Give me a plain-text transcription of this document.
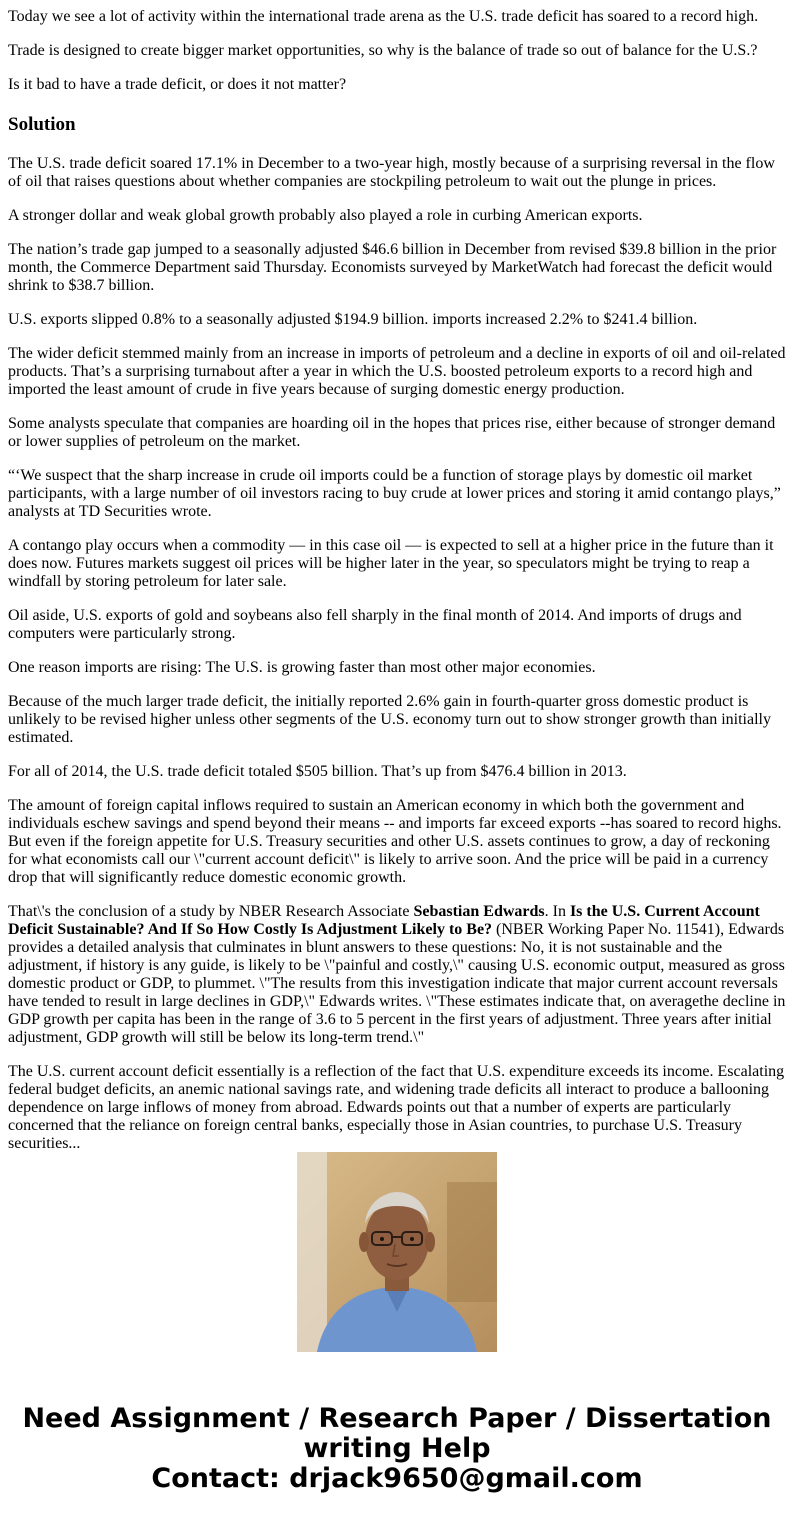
Today we see a lot of activity within the international trade arena as the U.S. trade deficit has soared to a record high.

Trade is designed to create bigger market opportunities, so why is the balance of trade so out of balance for the U.S.?

Is it bad to have a trade deficit, or does it not matter?

Solution

The U.S. trade deficit soared 17.1% in December to a two-year high, mostly because of a surprising reversal in the flow of oil that raises questions about whether companies are stockpiling petroleum to wait out the plunge in prices.

A stronger dollar and weak global growth probably also played a role in curbing American exports.

The nation’s trade gap jumped to a seasonally adjusted $46.6 billion in December from revised $39.8 billion in the prior month, the Commerce Department said Thursday. Economists surveyed by MarketWatch had forecast the deficit would shrink to $38.7 billion.

U.S. exports slipped 0.8% to a seasonally adjusted $194.9 billion. imports increased 2.2% to $241.4 billion.

The wider deficit stemmed mainly from an increase in imports of petroleum and a decline in exports of oil and oil-related products. That’s a surprising turnabout after a year in which the U.S. boosted petroleum exports to a record high and imported the least amount of crude in five years because of surging domestic energy production.

Some analysts speculate that companies are hoarding oil in the hopes that prices rise, either because of stronger demand or lower supplies of petroleum on the market.

“‘We suspect that the sharp increase in crude oil imports could be a function of storage plays by domestic oil market participants, with a large number of oil investors racing to buy crude at lower prices and storing it amid contango plays,” analysts at TD Securities wrote.

A contango play occurs when a commodity — in this case oil — is expected to sell at a higher price in the future than it does now. Futures markets suggest oil prices will be higher later in the year, so speculators might be trying to reap a windfall by storing petroleum for later sale.

Oil aside, U.S. exports of gold and soybeans also fell sharply in the final month of 2014. And imports of drugs and computers were particularly strong.

One reason imports are rising: The U.S. is growing faster than most other major economies.

Because of the much larger trade deficit, the initially reported 2.6% gain in fourth-quarter gross domestic product is unlikely to be revised higher unless other segments of the U.S. economy turn out to show stronger growth than initially estimated.

For all of 2014, the U.S. trade deficit totaled $505 billion. That’s up from $476.4 billion in 2013.

The amount of foreign capital inflows required to sustain an American economy in which both the government and individuals eschew savings and spend beyond their means -- and imports far exceed exports --has soared to record highs. But even if the foreign appetite for U.S. Treasury securities and other U.S. assets continues to grow, a day of reckoning for what economists call our \"current account deficit\" is likely to arrive soon. And the price will be paid in a currency drop that will significantly reduce domestic economic growth.

That\'s the conclusion of a study by NBER Research Associate Sebastian Edwards. In Is the U.S. Current Account Deficit Sustainable? And If So How Costly Is Adjustment Likely to Be? (NBER Working Paper No. 11541), Edwards provides a detailed analysis that culminates in blunt answers to these questions: No, it is not sustainable and the adjustment, if history is any guide, is likely to be \"painful and costly,\" causing U.S. economic output, measured as gross domestic product or GDP, to plummet. \"The results from this investigation indicate that major current account reversals have tended to result in large declines in GDP,\" Edwards writes. \"These estimates indicate that, on averagethe decline in GDP growth per capita has been in the range of 3.6 to 5 percent in the first years of adjustment. Three years after initial adjustment, GDP growth will still be below its long-term trend.\"

The U.S. current account deficit essentially is a reflection of the fact that U.S. expenditure exceeds its income. Escalating federal budget deficits, an anemic national savings rate, and widening trade deficits all interact to produce a ballooning dependence on large inflows of money from abroad. Edwards points out that a number of experts are particularly concerned that the reliance on foreign central banks, especially those in Asian countries, to purchase U.S. Treasury securities...

Need Assignment / Research Paper / Dissertation writing Help
Contact: drjack9650@gmail.com
